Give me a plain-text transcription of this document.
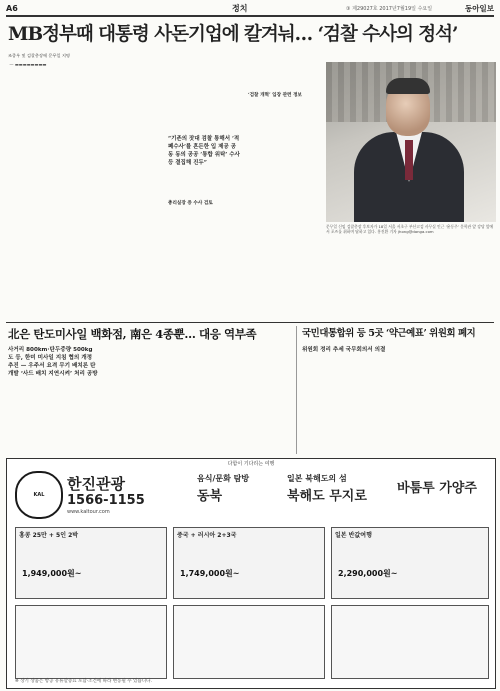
A6	정치	③ 제29027호 2017년7월19일 수요일	동아일보
MB정부때 대통령 사돈기업에 칼겨눠… ‘검찰 수사의 정석’
조종우 및 검찰총장에 문무일 지명

— ▬▬▬▬▬▬▬▬

“기존의 잣대 검찰 통해서 ‘적폐수사’를 흔든한 입 제공 공동 동의 공공 ‘통합 위탁’ 수사 등 결집해 진두”
‘검찰 개혁’ 입장 관련 정보
총리실장 증 수사 검토
문무일 신임 검찰총장 후보자가 18일 서울 서초구 부산고검 사무실 인근 ‘윤동주’ 문학관 앞 강당 앞에서 포즈를 취하며 답하고 있다. 홍진환 기자 jhong@donga.com
北은 탄도미사일 백화점, 南은 4종뿐… 대응 역부족
사거리 800km·탄두중량 500kg 도 등, 한미 미사일 지침 협의 개정 추진 — 우주서 요격 무기 배치론 탄 개발 ‘사드 배치 지연시켜’ 처리 공방
국민대통합위 등 5곳 ‘약근예표’ 위원회 폐지
위원회 정리 추세 국무회의서 의결
다함이 기다리는 여행
KAL
한진관광
1566-1155
www.kaltour.com
음식/문화 탐방
동북
일본 북해도의 섬
북해도 무지로
바툼투 가양주
홍콩 25만 + 5인 2박
1,949,000원~
중국 + 러시아 2+3국
1,749,000원~
일본 반값여행
2,290,000원~
※ 상기 상품은 항공 유류할증료 포함·조건에 따라 변동될 수 있습니다.
